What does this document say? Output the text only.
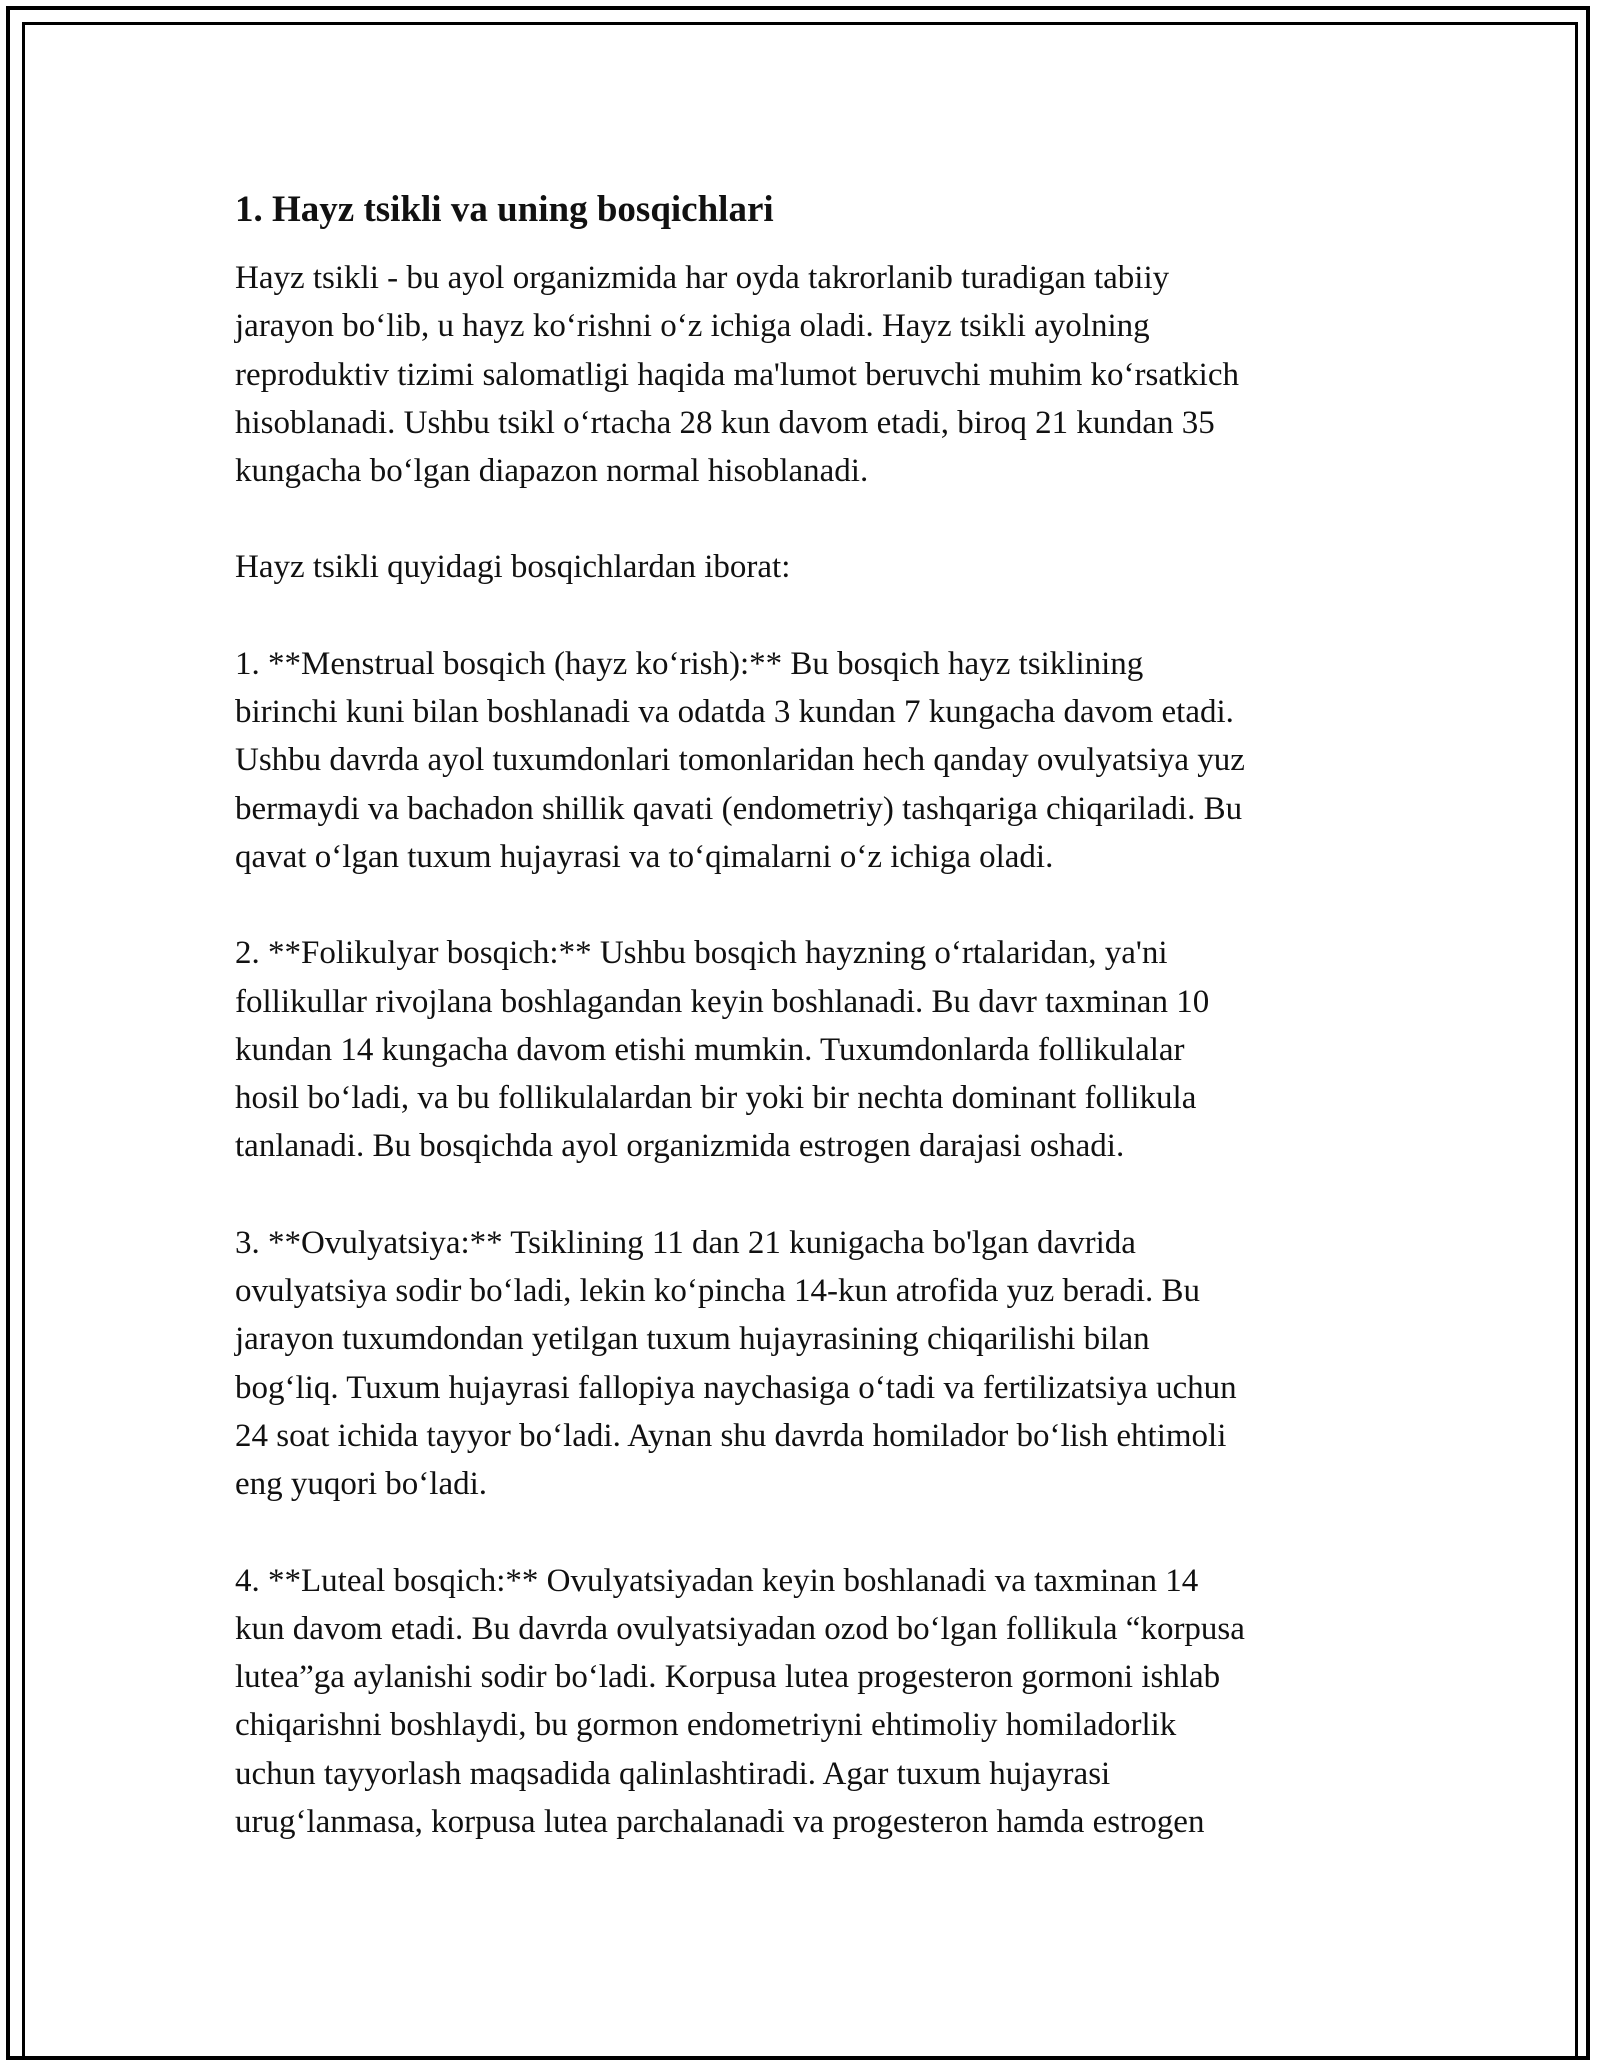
1. Hayz tsikli va uning bosqichlari
Hayz tsikli - bu ayol organizmida har oyda takrorlanib turadigan tabiiy
jarayon boʻlib, u hayz koʻrishni oʻz ichiga oladi. Hayz tsikli ayolning
reproduktiv tizimi salomatligi haqida ma'lumot beruvchi muhim koʻrsatkich
hisoblanadi. Ushbu tsikl oʻrtacha 28 kun davom etadi, biroq 21 kundan 35
kungacha boʻlgan diapazon normal hisoblanadi.
Hayz tsikli quyidagi bosqichlardan iborat:
1. **Menstrual bosqich (hayz koʻrish):** Bu bosqich hayz tsiklining
birinchi kuni bilan boshlanadi va odatda 3 kundan 7 kungacha davom etadi.
Ushbu davrda ayol tuxumdonlari tomonlaridan hech qanday ovulyatsiya yuz
bermaydi va bachadon shillik qavati (endometriy) tashqariga chiqariladi. Bu
qavat oʻlgan tuxum hujayrasi va toʻqimalarni oʻz ichiga oladi.
2. **Folikulyar bosqich:** Ushbu bosqich hayzning oʻrtalaridan, ya'ni
follikullar rivojlana boshlagandan keyin boshlanadi. Bu davr taxminan 10
kundan 14 kungacha davom etishi mumkin. Tuxumdonlarda follikulalar
hosil boʻladi, va bu follikulalardan bir yoki bir nechta dominant follikula
tanlanadi. Bu bosqichda ayol organizmida estrogen darajasi oshadi.
3. **Ovulyatsiya:** Tsiklining 11 dan 21 kunigacha bo'lgan davrida
ovulyatsiya sodir boʻladi, lekin koʻpincha 14-kun atrofida yuz beradi. Bu
jarayon tuxumdondan yetilgan tuxum hujayrasining chiqarilishi bilan
bogʻliq. Tuxum hujayrasi fallopiya naychasiga oʻtadi va fertilizatsiya uchun
24 soat ichida tayyor boʻladi. Aynan shu davrda homilador boʻlish ehtimoli
eng yuqori boʻladi.
4. **Luteal bosqich:** Ovulyatsiyadan keyin boshlanadi va taxminan 14
kun davom etadi. Bu davrda ovulyatsiyadan ozod boʻlgan follikula “korpusa
lutea”ga aylanishi sodir boʻladi. Korpusa lutea progesteron gormoni ishlab
chiqarishni boshlaydi, bu gormon endometriyni ehtimoliy homiladorlik
uchun tayyorlash maqsadida qalinlashtiradi. Agar tuxum hujayrasi
urugʻlanmasa, korpusa lutea parchalanadi va progesteron hamda estrogen
